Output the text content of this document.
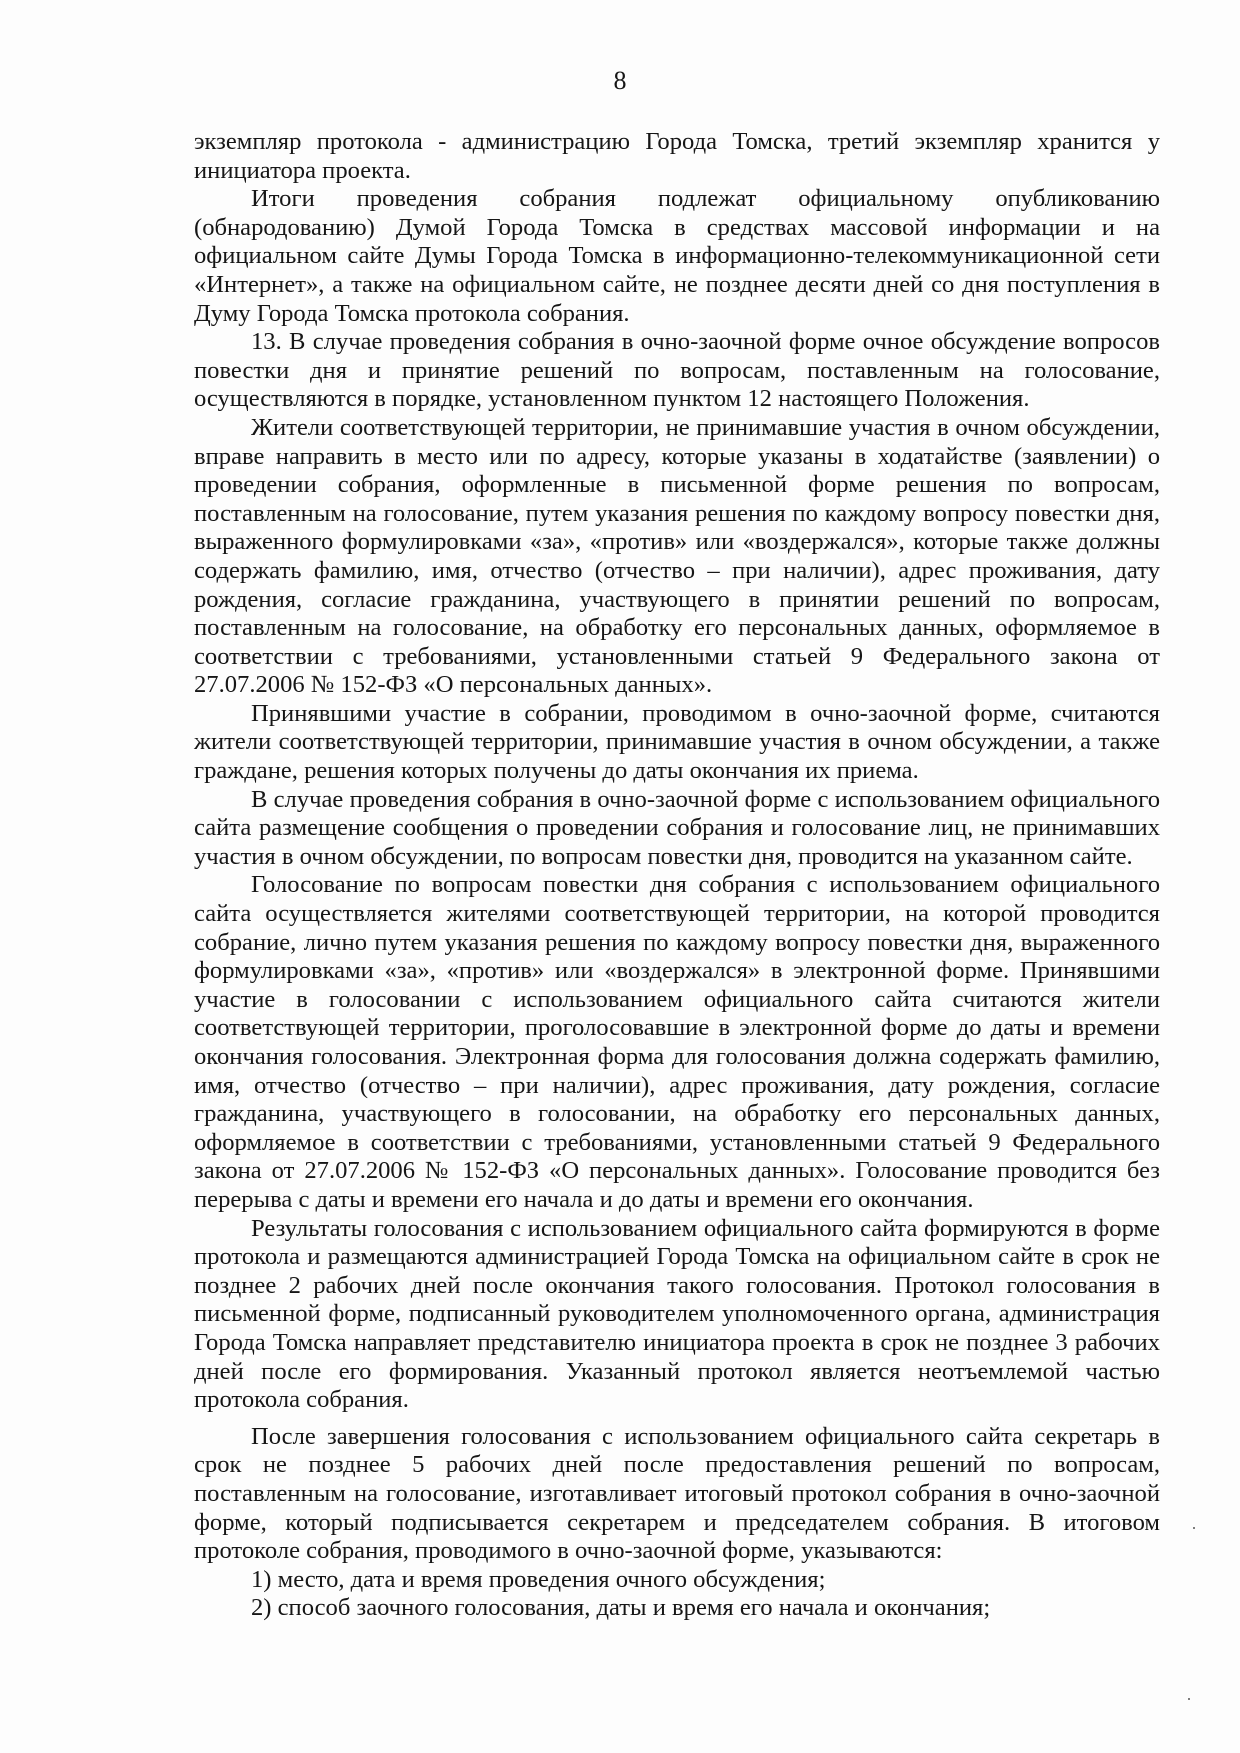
8

экземпляр протокола - администрацию Города Томска, третий экземпляр хранится у инициатора проекта.

Итоги проведения собрания подлежат официальному опубликованию (обнародованию) Думой Города Томска в средствах массовой информации и на официальном сайте Думы Города Томска в информационно-телекоммуникационной сети «Интернет», а также на официальном сайте, не позднее десяти дней со дня поступления в Думу Города Томска протокола собрания.

13. В случае проведения собрания в очно-заочной форме очное обсуждение вопросов повестки дня и принятие решений по вопросам, поставленным на голосование, осуществляются в порядке, установленном пунктом 12 настоящего Положения.

Жители соответствующей территории, не принимавшие участия в очном обсуждении, вправе направить в место или по адресу, которые указаны в ходатайстве (заявлении) о проведении собрания, оформленные в письменной форме решения по вопросам, поставленным на голосование, путем указания решения по каждому вопросу повестки дня, выраженного формулировками «за», «против» или «воздержался», которые также должны содержать фамилию, имя, отчество (отчество – при наличии), адрес проживания, дату рождения, согласие гражданина, участвующего в принятии решений по вопросам, поставленным на голосование, на обработку его персональных данных, оформляемое в соответствии с требованиями, установленными статьей 9 Федерального закона от 27.07.2006 № 152-ФЗ «О персональных данных».

Принявшими участие в собрании, проводимом в очно-заочной форме, считаются жители соответствующей территории, принимавшие участия в очном обсуждении, а также граждане, решения которых получены до даты окончания их приема.

В случае проведения собрания в очно-заочной форме с использованием официального сайта размещение сообщения о проведении собрания и голосование лиц, не принимавших участия в очном обсуждении, по вопросам повестки дня, проводится на указанном сайте.

Голосование по вопросам повестки дня собрания с использованием официального сайта осуществляется жителями соответствующей территории, на которой проводится собрание, лично путем указания решения по каждому вопросу повестки дня, выраженного формулировками «за», «против» или «воздержался» в электронной форме. Принявшими участие в голосовании с использованием официального сайта считаются жители соответствующей территории, проголосовавшие в электронной форме до даты и времени окончания голосования. Электронная форма для голосования должна содержать фамилию, имя, отчество (отчество – при наличии), адрес проживания, дату рождения, согласие гражданина, участвующего в голосовании, на обработку его персональных данных, оформляемое в соответствии с требованиями, установленными статьей 9 Федерального закона от 27.07.2006 № 152-ФЗ «О персональных данных». Голосование проводится без перерыва с даты и времени его начала и до даты и времени его окончания.

Результаты голосования с использованием официального сайта формируются в форме протокола и размещаются администрацией Города Томска на официальном сайте в срок не позднее 2 рабочих дней после окончания такого голосования. Протокол голосования в письменной форме, подписанный руководителем уполномоченного органа, администрация Города Томска направляет представителю инициатора проекта в срок не позднее 3 рабочих дней после его формирования. Указанный протокол является неотъемлемой частью протокола собрания.

После завершения голосования с использованием официального сайта секретарь в срок не позднее 5 рабочих дней после предоставления решений по вопросам, поставленным на голосование, изготавливает итоговый протокол собрания в очно-заочной форме, который подписывается секретарем и председателем собрания. В итоговом протоколе собрания, проводимого в очно-заочной форме, указываются:

1) место, дата и время проведения очного обсуждения;

2) способ заочного голосования, даты и время его начала и окончания;
